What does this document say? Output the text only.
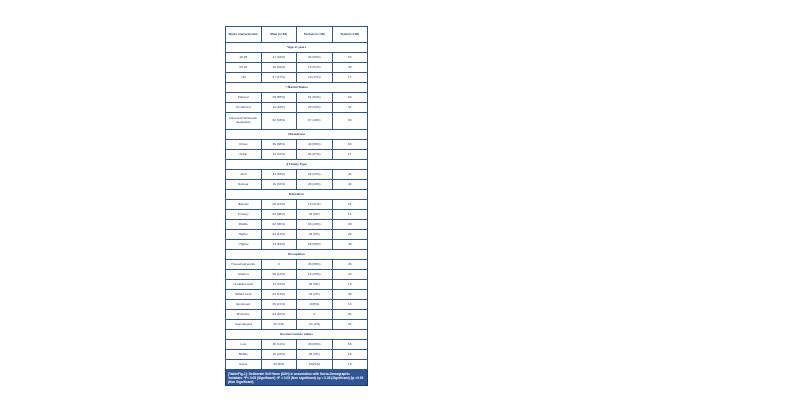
Study characteristic	Male (n=62)	Female (n=38)	Total (n=100)
*Age in years			
18-25	17 (34%)	36 (60%)	53
26-40	16 (32%)	13 (21%)	30
>40	07 (17%)	10 (17%)	17
† Marital Status			
Married	29 (58%)	31 (52%)	60
Unmarried	11 (22%)	29 (34%)	31
Divorced/ Widowed/ Separated	02 (03%)	07 (19%)	09
‡Residence			
Urban	39 (68%)	44 (56%)	83
Rural	13 (31%)	04 (07%)	17
§ Family Type			
Joint	23 (64%)	22 (34%)	44
Nuclear	19 (34%)	28 (44%)	44
Education			
Illiterate	09 (21%)	12 (21%)	21
Primary	03 (08%)	03 (6%)	14
Middle	02 (06%)	06 (10%)	08
Higher	04 (14%)	03 (0%)	09
>Higher	33 (54%)	26 (58%)	48
Occupation			
Household works	0	36 (58%)	36
Student	06 (12%)	16 (34%)	20
Unskilled work	13 (31%)	03 (6%)	16
Skilled work	04 (14%)	03 (2%)	09
Employed	09 (21%)	10(6%)	13
Business	04 (10%)	0	04
Unemployed	03 (7%)	-01 (2%)	04
Socioeconomic status			
Low	30 (11%)	38 (60%)	68
Middle	10 (24%)	06 (9%)	16
Upper	03 (6%)	13(21%)	16
[Table/Fig-1]: Deliberate Self Harm (DSH) in association with Socio-Demographic Variables. *P< 0.05 (Significant) †P > 0.05 (Non significant) ‡p < 0.05 (Significant) §p >0.05 (Non Significant)
